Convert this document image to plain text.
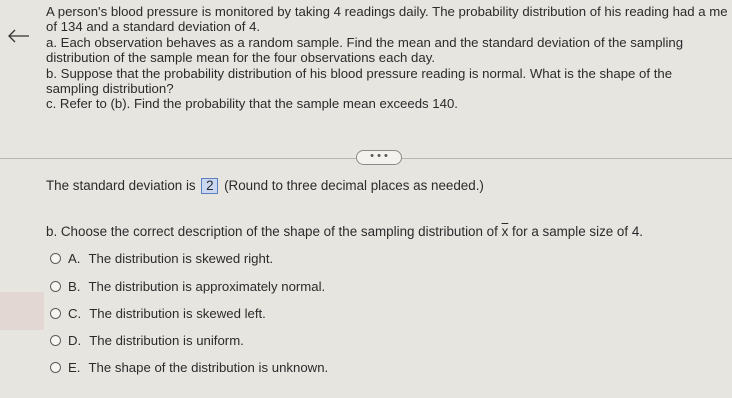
A person's blood pressure is monitored by taking 4 readings daily. The probability distribution of his reading had a me
of 134 and a standard deviation of 4.
a. Each observation behaves as a random sample. Find the mean and the standard deviation of the sampling
distribution of the sample mean for the four observations each day.
b. Suppose that the probability distribution of his blood pressure reading is normal. What is the shape of the
sampling distribution?
c. Refer to (b). Find the probability that the sample mean exceeds 140.
• • •
The standard deviation is 2 (Round to three decimal places as needed.)
b. Choose the correct description of the shape of the sampling distribution of $\overline{x}$ for a sample size of 4.
A. The distribution is skewed right.
B. The distribution is approximately normal.
C. The distribution is skewed left.
D. The distribution is uniform.
E. The shape of the distribution is unknown.
